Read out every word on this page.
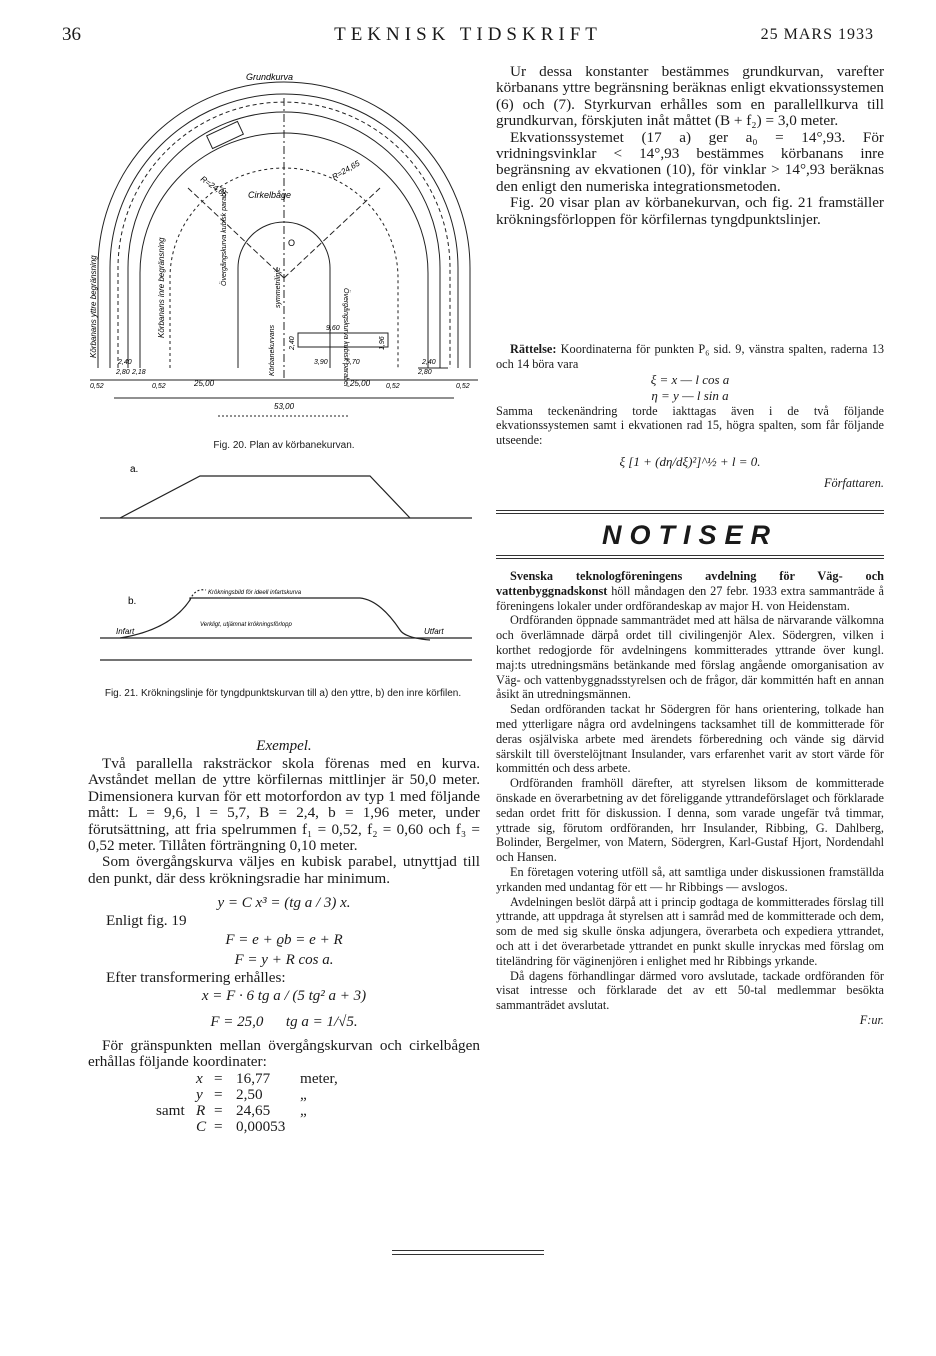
36	TEKNISK TIDSKRIFT	25 MARS 1933
Grundkurva
Cirkelbåge
R=24,65
R=24,65
Övergångskurva kubisk parabel
Övergångskurva kubisk parabel
symmetrilinje
O
Körbanans yttre begränsning	Körbanans inre begränsning
Körbanekurvans	9,60
2,40	1,96
3,90	5,70
0,52
2,80
2,40
2,18
0,52	25,00	25,00 0,52	0,52
2,80
2,40
53,00
Fig. 20. Plan av körbanekurvan.
a.
b.
Infart	Utfart
Krökningsbild för ideell infartskurva
Verkligt, utjämnat krökningsförlopp
Fig. 21. Krökningslinje för tyngdpunktskurvan till a) den yttre, b) den inre körfilen.

Exempel.

Två parallella raksträckor skola förenas med en kurva. Avståndet mellan de yttre körfilernas mittlinjer är 50,0 meter. Dimensionera kurvan för ett motorfordon av typ 1 med följande mått: L = 9,6, l = 5,7, B = 2,4, b = 1,96 meter, under förutsättning, att fria spelrummen f₁ = 0,52, f₂ = 0,60 och f₃ = 0,52 meter. Tillåten förträngning 0,10 meter.

Som övergångskurva väljes en kubisk parabel, utnyttjad till den punkt, där dess krökningsradie har minimum.

y = C x³ = (tg a / 3) x.

Enligt fig. 19

F = e + ϱb = e + R

F = y + R cos a.

Efter transformering erhålles:

x = F · 6 tg a / (5 tg² a + 3)

F = 25,0 tg a = 1/√5.

För gränspunkten mellan övergångskurvan och cirkelbågen erhållas följande koordinater:

x = 16,77	meter,
y = 2,50	„
samt R = 24,65	„
C = 0,00053

Ur dessa konstanter bestämmes grundkurvan, varefter körbanans yttre begränsning beräknas enligt ekvationssystemen (6) och (7). Styrkurvan erhålles som en parallellkurva till grundkurvan, förskjuten inåt måttet (B + f₂) = 3,0 meter.

Ekvationssystemet (17 a) ger a₀ = 14°,93. För vridningsvinklar < 14°,93 bestämmes körbanans inre begränsning av ekvationen (10), för vinklar > 14°,93 beräknas den enligt den numeriska integrationsmetoden.

Fig. 20 visar plan av körbanekurvan, och fig. 21 framställer krökningsförloppen för körfilernas tyngdpunktslinjer.

Rättelse: Koordinaterna för punkten P₆ sid. 9, vänstra spalten, raderna 13 och 14 böra vara

ξ = x — l cos a

η = y — l sin a

Samma teckenändring torde iakttagas även i de två följande ekvationssystemen samt i ekvationen rad 15, högra spalten, som får följande utseende:

ξ [1 + (dη/dξ)²]^½ + l = 0.

Författaren.

NOTISER

Svenska teknologföreningens avdelning för Väg- och vattenbyggnadskonst höll måndagen den 27 febr. 1933 extra sammanträde å föreningens lokaler under ordförandeskap av major H. von Heidenstam.

Ordföranden öppnade sammanträdet med att hälsa de närvarande välkomna och överlämnade därpå ordet till civilingenjör Alex. Södergren, vilken i korthet redogjorde för avdelningens kommitterades yttrande över kungl. maj:ts utredningsmäns betänkande med förslag angående omorganisation av Väg- och vattenbyggnadsstyrelsen och de frågor, där kommittén haft en annan åsikt än utredningsmännen.

Sedan ordföranden tackat hr Södergren för hans orientering, tolkade han med ytterligare några ord avdelningens tacksamhet till de kommitterade för deras osjälviska arbete med ärendets förberedning och vände sig därvid särskilt till överstelöjtnant Insulander, vars erfarenhet varit av stort värde för kommittén och dess arbete.

Ordföranden framhöll därefter, att styrelsen liksom de kommitterade önskade en överarbetning av det föreliggande yttrandeförslaget och förklarade sedan ordet fritt för diskussion. I denna, som varade ungefär två timmar, yttrade sig, förutom ordföranden, hrr Insulander, Ribbing, G. Dahlberg, Bolinder, Bergelmer, von Matern, Södergren, Karl-Gustaf Hjort, Nordendahl och Hansen.

En företagen votering utföll så, att samtliga under diskussionen framställda yrkanden med undantag för ett — hr Ribbings — avslogos.

Avdelningen beslöt därpå att i princip godtaga de kommitterades förslag till yttrande, att uppdraga åt styrelsen att i samråd med de kommitterade och dem, som de med sig skulle önska adjungera, överarbeta och expediera yttrandet, och att i det överarbetade yttrandet en punkt skulle inryckas med förslag om titeländring för väginenjören i enlighet med hr Ribbings yrkande.

Då dagens förhandlingar därmed voro avslutade, tackade ordföranden för visat intresse och förklarade det av ett 50-tal medlemmar besökta sammanträdet avslutat.

F:ur.
